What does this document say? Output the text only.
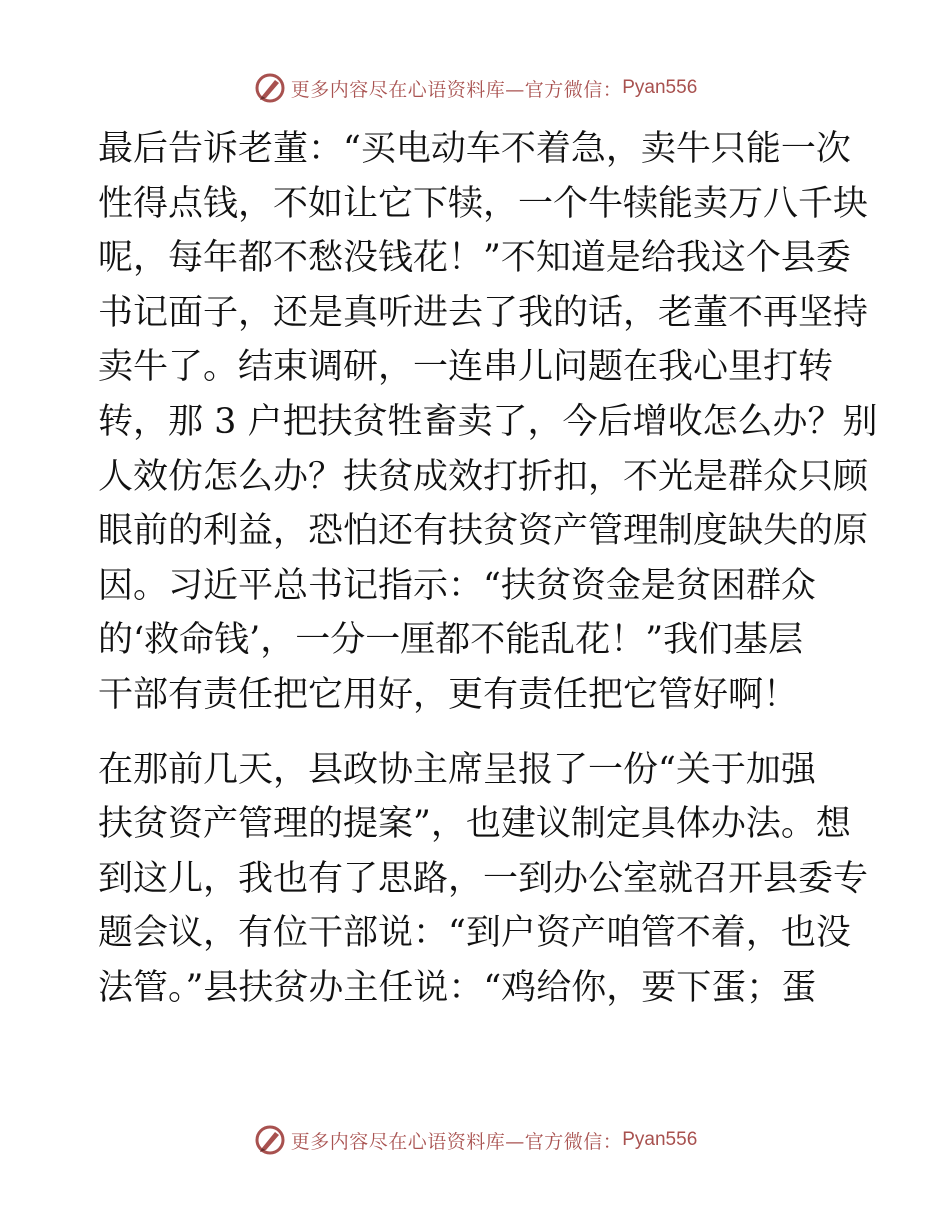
更多内容尽在心语资料库—官方微信： Pyan556
最后告诉老董：“买电动车不着急，卖牛只能一次
性得点钱，不如让它下犊，一个牛犊能卖万八千块
呢，每年都不愁没钱花！”不知道是给我这个县委
书记面子，还是真听进去了我的话，老董不再坚持
卖牛了。结束调研，一连串儿问题在我心里打转
转，那 3 户把扶贫牲畜卖了，今后增收怎么办？别
人效仿怎么办？扶贫成效打折扣，不光是群众只顾
眼前的利益，恐怕还有扶贫资产管理制度缺失的原
因。习近平总书记指示：“扶贫资金是贫困群众
的‘救命钱’，一分一厘都不能乱花！”我们基层
干部有责任把它用好，更有责任把它管好啊！
在那前几天，县政协主席呈报了一份“关于加强
扶贫资产管理的提案”，也建议制定具体办法。想
到这儿，我也有了思路，一到办公室就召开县委专
题会议，有位干部说：“到户资产咱管不着，也没
法管。”县扶贫办主任说：“鸡给你，要下蛋；蛋
更多内容尽在心语资料库—官方微信： Pyan556
